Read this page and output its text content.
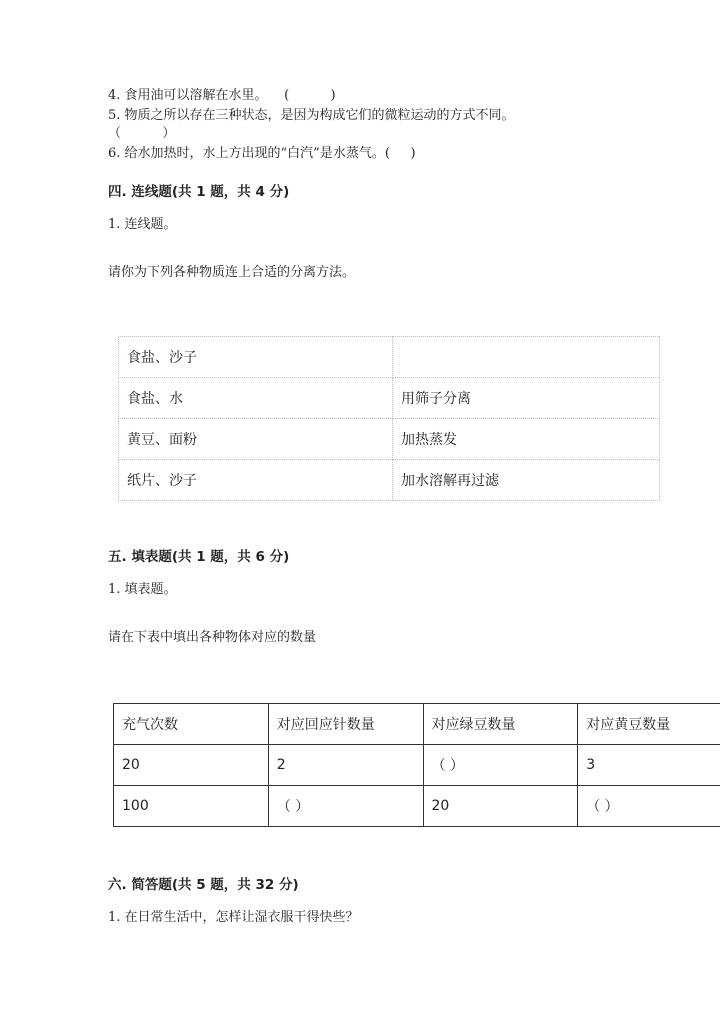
4. 食用油可以溶解在水里。    (          )
5. 物质之所以存在三种状态，是因为构成它们的微粒运动的方式不同。
（          ）
6. 给水加热时，水上方出现的“白汽”是水蒸气。(     )
四. 连线题(共 1 题，共 4 分)
1. 连线题。
请你为下列各种物质连上合适的分离方法。
食盐、沙子	
食盐、水	用筛子分离
黄豆、面粉	加热蒸发
纸片、沙子	加水溶解再过滤
五. 填表题(共 1 题，共 6 分)
1. 填表题。
请在下表中填出各种物体对应的数量
充气次数	对应回应针数量	对应绿豆数量	对应黄豆数量
20	2	（ ）	3
100	（ ）	20	（ ）
六. 简答题(共 5 题，共 32 分)
1. 在日常生活中，怎样让湿衣服干得快些？
